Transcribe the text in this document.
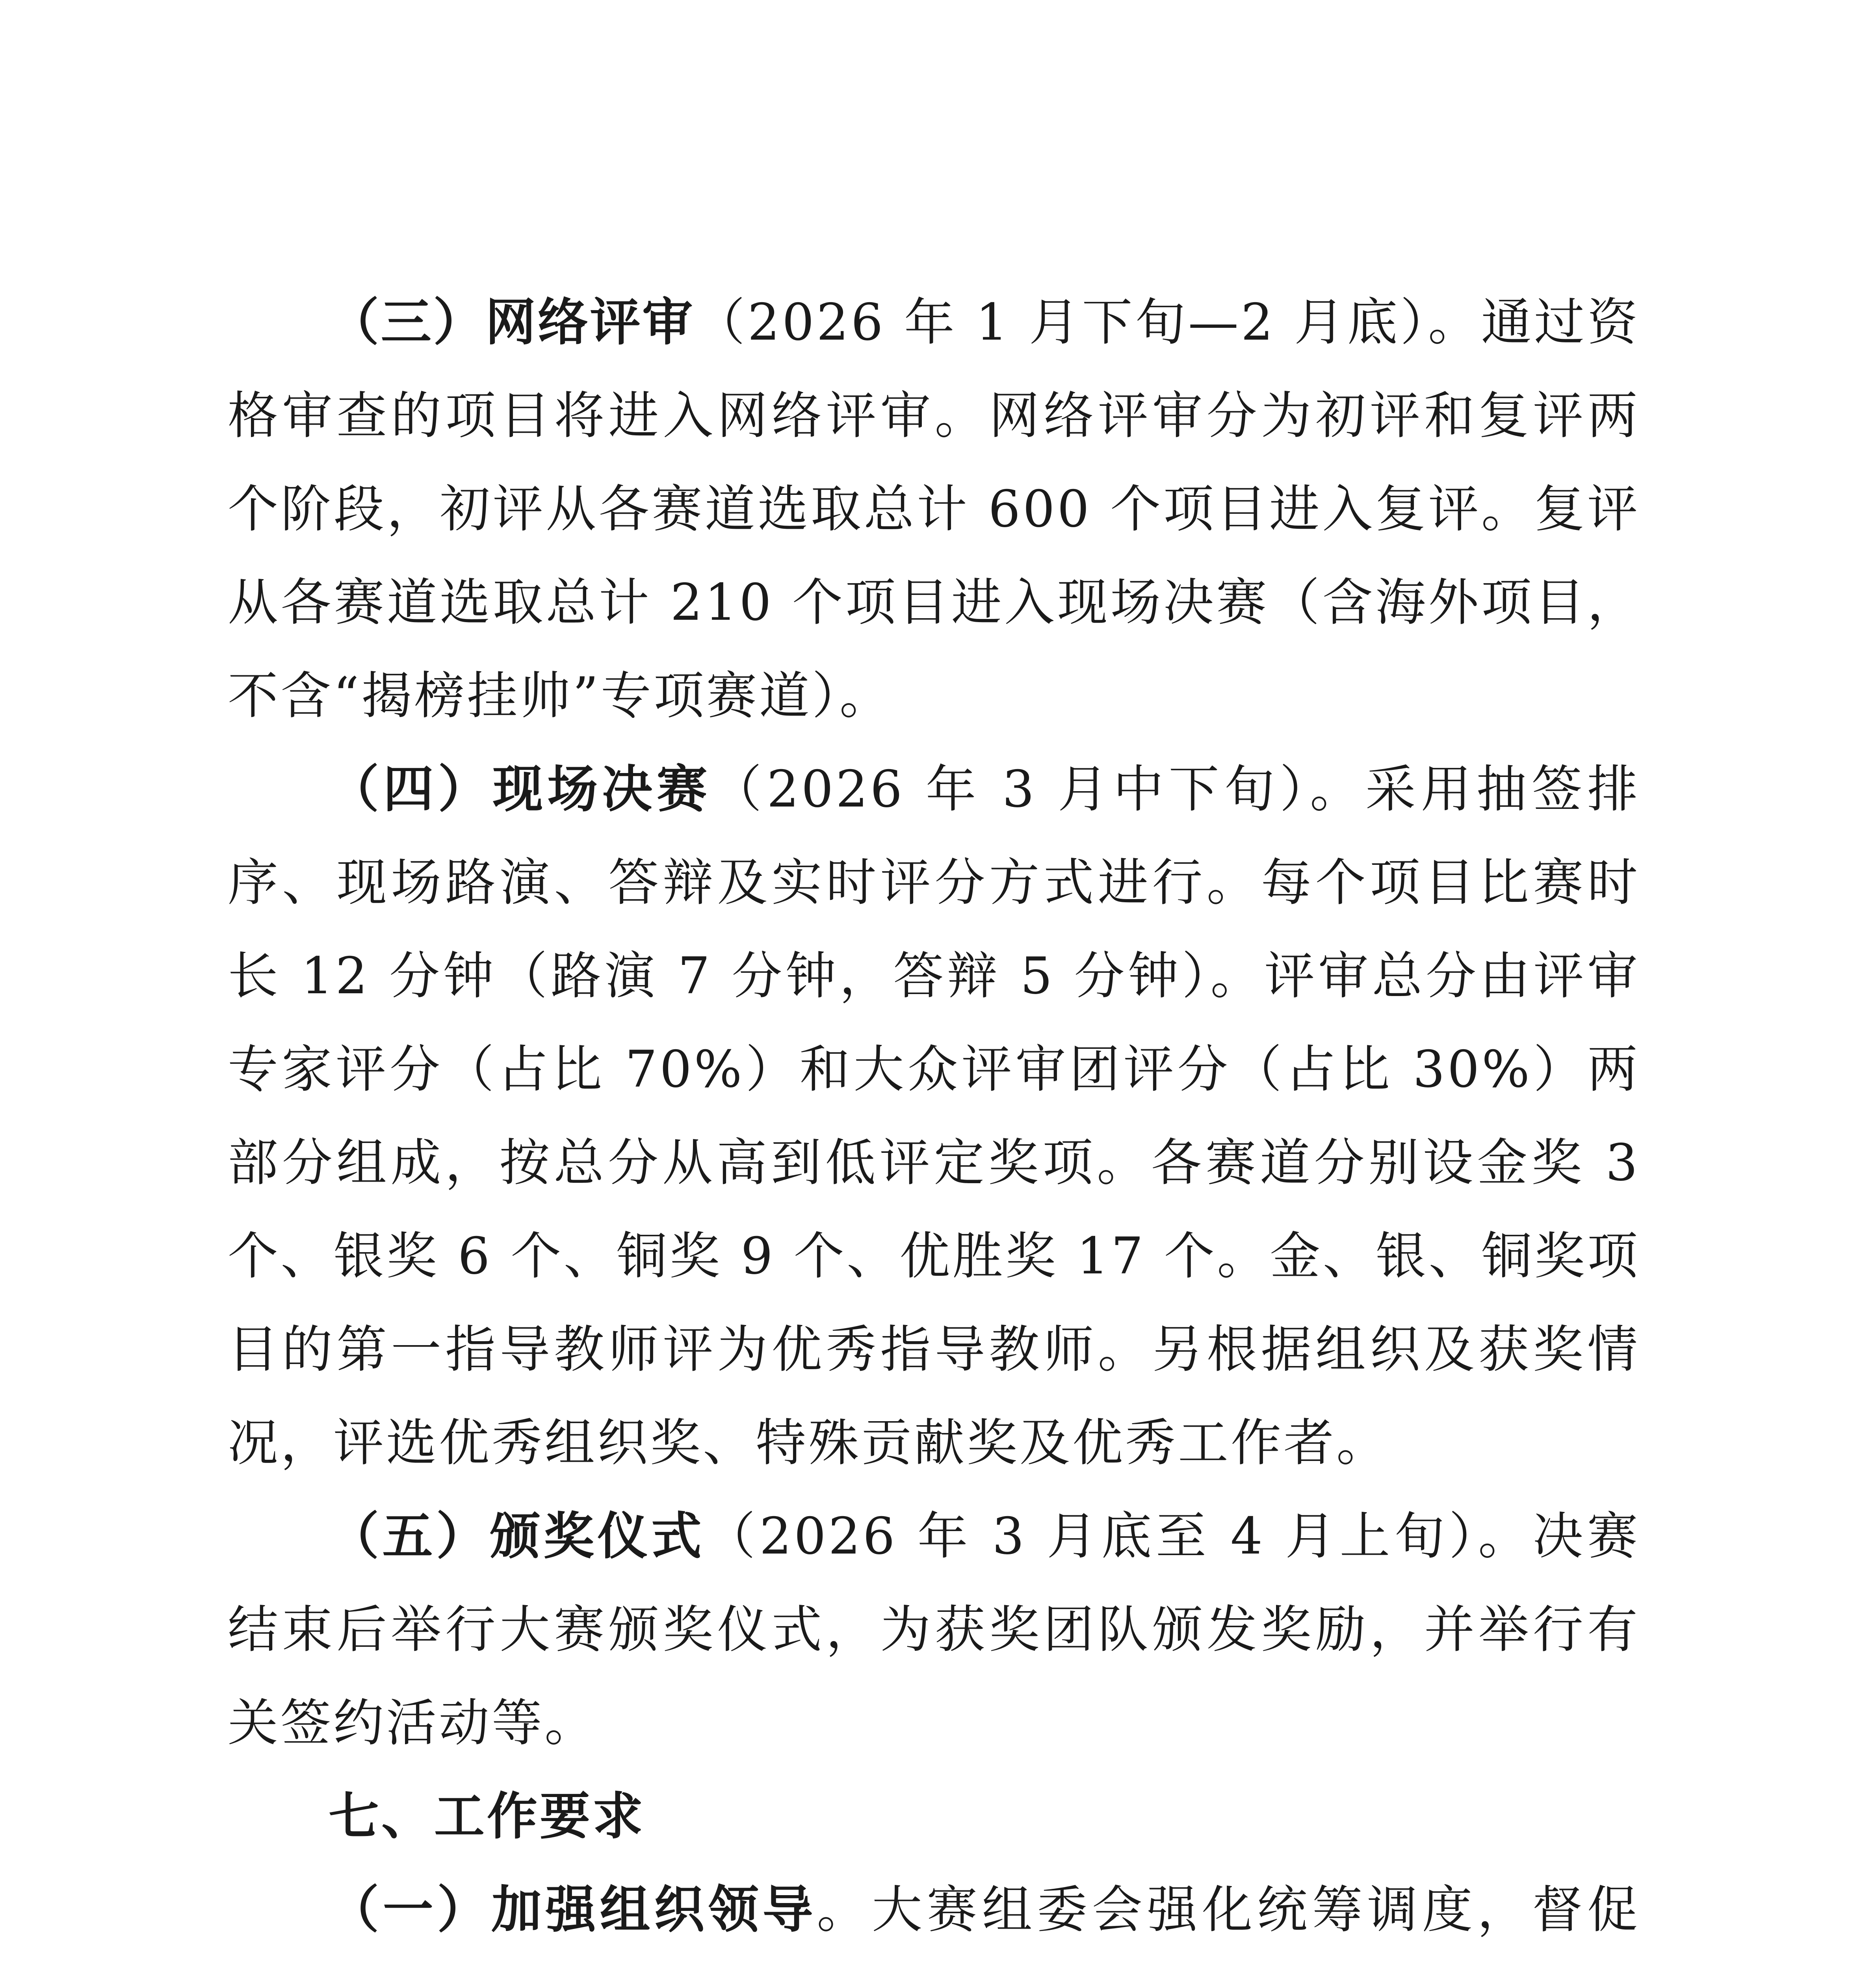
（三）网络评审（2026 年 1 月下旬—2 月底）。通过资格审查的项目将进入网络评审。网络评审分为初评和复评两个阶段，初评从各赛道选取总计 600 个项目进入复评。复评从各赛道选取总计 210 个项目进入现场决赛（含海外项目，不含“揭榜挂帅”专项赛道）。

（四）现场决赛（2026 年 3 月中下旬）。采用抽签排序、现场路演、答辩及实时评分方式进行。每个项目比赛时长 12 分钟（路演 7 分钟，答辩 5 分钟）。评审总分由评审专家评分（占比 70%）和大众评审团评分（占比 30%）两部分组成，按总分从高到低评定奖项。各赛道分别设金奖 3 个、银奖 6 个、铜奖 9 个、优胜奖 17 个。金、银、铜奖项目的第一指导教师评为优秀指导教师。另根据组织及获奖情况，评选优秀组织奖、特殊贡献奖及优秀工作者。

（五）颁奖仪式（2026 年 3 月底至 4 月上旬）。决赛结束后举行大赛颁奖仪式，为获奖团队颁发奖励，并举行有关签约活动等。

七、工作要求

（一）加强组织领导。大赛组委会强化统筹调度，督促
